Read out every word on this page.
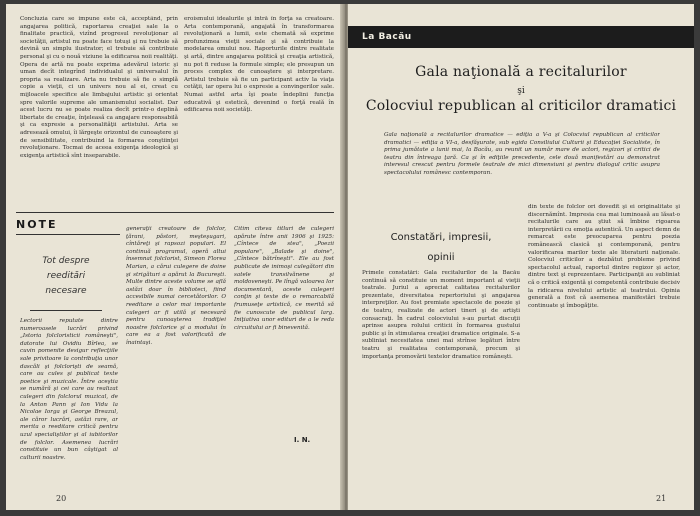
Concluzia care se impune este că, acceptând, prin angajarea politică, raportarea creaţiei sale la o finalitate practică, vizînd progresul revoluţionar al societăţii, artistul nu poate face totuşi şi nu trebuie să devină un simplu ilustrator; el trebuie să contribuie personal şi cu o nouă viziune la edificarea noii realităţi. Opera de artă nu poate exprima adevărul istoric şi uman decît integrînd individualul şi universalul în propria sa realizare. Arta nu trebuie să fie o simplă copie a vieţii, ci un univers nou al ei, creat cu mijloacele specifice ale limbajului artistic şi orientat spre valorile supreme ale umanismului socialist. Dar acest lucru nu se poate realiza decît printr-o deplină libertate de creaţie, înţeleasă ca angajare responsabilă şi ca expresie a personalităţii artistului. Arta se adresează omului, îi lărgeşte orizontul de cunoaştere şi de sensibilitate, contribuind la formarea conştiinţei revoluţionare. Tocmai de aceea exigenţa ideologică şi exigenţa artistică sînt inseparabile.
eroismului idealurile şi intră în forţa sa creatoare. Arta contemporană, angajată în transformarea revoluţionară a lumii, este chemată să exprime profunzimea vieţii sociale şi să contribuie la modelarea omului nou. Raporturile dintre realitate şi artă, dintre angajarea politică şi creaţia artistică, nu pot fi reduse la formule simple; ele presupun un proces complex de cunoaştere şi interpretare. Artistul trebuie să fie un participant activ la viaţa cetăţii, iar opera lui o expresie a convingerilor sale. Numai astfel arta îşi poate îndeplini funcţia educativă şi estetică, devenind o forţă reală în edificarea noii societăţi.
NOTE
Tot despre
reeditări
necesare
Lectorii reputate dintre numeroasele lucrări privind „Istoria folcloristicii româneşti", datorate lui Ovidiu Bîrlea, se cuvin pomenite desigur reflecţiile sale privitoare la contribuţia unor dascăli şi folclorişti de seamă, care au cules şi publicat texte poetice şi muzicale. Între aceştia se numără şi cei care au realizat culegeri din folclorul muzical, de la Anton Pann şi Ion Vidu la Nicolae Iorga şi George Breazul, ale căror lucrări, astăzi rare, ar merita o reeditare critică pentru uzul specialiştilor şi al iubitorilor de folclor. Asemenea lucrări constituie un bun câştigat al culturii noastre.
generaţii creatoare de folclor, ţărani, păstori, meşteşugari, cîntăreţi şi rapsozi populari. El continuă programul, operă altui însemnat folclorist, Simeon Florea Marian, a cărui culegere de doine şi strigături a apărut la Bucureşti. Multe dintre aceste volume se află astăzi doar în biblioteci, fiind accesibile numai cercetătorilor. O reeditare a celor mai importante culegeri ar fi utilă şi necesară pentru cunoaşterea tradiţiei noastre folclorice şi a modului în care ea a fost valorificată de înaintaşi.
Citim cîteva titluri de culegeri apărute între anii 1906 şi 1925: „Cîntece de stea", „Poezii populare", „Balade şi doine", „Cîntece bătrîneşti". Ele au fost publicate de inimoşi culegători din satele transilvănene şi moldoveneşti. Pe lîngă valoarea lor documentară, aceste culegeri conţin şi texte de o remarcabilă frumuseţe artistică, ce merită să fie cunoscute de publicul larg. Iniţiativa unor edituri de a le reda circuitului ar fi binevenită.
I. N.
20
La Bacău
Gala naţională a recitalurilor
şi
Colocviul republican al criticilor dramatici
Gala naţională a recitalurilor dramatice — ediţia a V-a şi Colocviul republican al criticilor dramatici — ediţia a VI-a, desfăşurate, sub egida Consiliului Culturii şi Educaţiei Socialiste, în prima jumătate a lunii mai, la Bacău, au reunit un număr mare de actori, regizori şi critici de teatru din întreaga ţară. Ca şi în ediţiile precedente, cele două manifestări au demonstrat interesul crescut pentru formele teatrale de mici dimensiuni şi pentru dialogul critic asupra spectacolului românesc contemporan.
Constatări, impresii,
opinii
Primele constatări: Gala recitalurilor de la Bacău continuă să constituie un moment important al vieţii teatrale. Juriul a apreciat calitatea recitalurilor prezentate, diversitatea repertoriului şi angajarea interpreţilor. Au fost premiate spectacole de poezie şi de teatru, realizate de actori tineri şi de artişti consacraţi. În cadrul colocviului s-au purtat discuţii aprinse asupra rolului criticii în formarea gustului public şi în stimularea creaţiei dramatice originale. S-a subliniat necesitatea unei mai strînse legături între teatru şi realitatea contemporană, precum şi importanţa promovării textelor dramatice româneşti.
din texte de folclor ori dovedit şi ei originalitate şi discernămînt. Impresia cea mai luminoasă au lăsat-o recitalurile care au ştiut să îmbine rigoarea interpretării cu emoţia autentică. Un aspect demn de remarcat este preocuparea pentru poezia românească clasică şi contemporană, pentru valorificarea marilor texte ale literaturii naţionale. Colocviul criticilor a dezbătut probleme privind spectacolul actual, raportul dintre regizor şi actor, dintre text şi reprezentare. Participanţii au subliniat că o critică exigentă şi competentă contribuie decisiv la ridicarea nivelului artistic al teatrului. Opinia generală a fost că asemenea manifestări trebuie continuate şi îmbogăţite.
21
